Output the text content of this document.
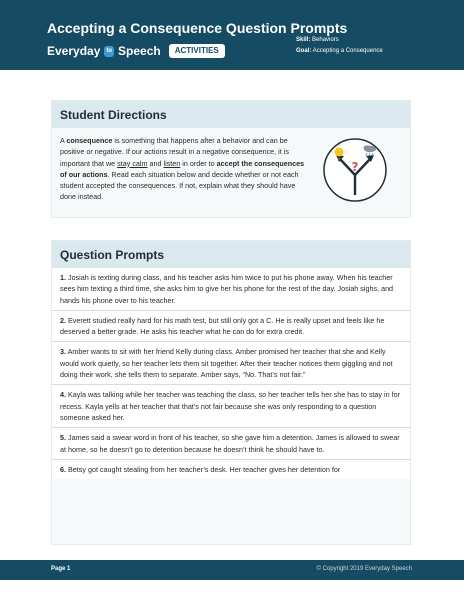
Accepting a Consequence Question Prompts
Everyday	to Speech	ACTIVITIES
Skill: Behaviors
Goal: Accepting a Consequence
Student Directions
A consequence is something that happens after a behavior and can be positive or negative. If our actions result in a negative consequence, it is important that we stay calm and listen in order to accept the consequences of our actions. Read each situation below and decide whether or not each student accepted the consequences. If not, explain what they should have done instead.
?
Question Prompts
1. Josiah is texting during class, and his teacher asks him twice to put his phone away. When his teacher sees him texting a third time, she asks him to give her his phone for the rest of the day. Josiah sighs, and hands his phone over to his teacher.
2. Everett studied really hard for his math test, but still only got a C. He is really upset and feels like he deserved a better grade. He asks his teacher what he can do for extra credit.
3. Amber wants to sit with her friend Kelly during class. Amber promised her teacher that she and Kelly would work quietly, so her teacher lets them sit together. After their teacher notices them giggling and not doing their work, she tells them to separate. Amber says, “No. That’s not fair.”
4. Kayla was talking while her teacher was teaching the class, so her teacher tells her she has to stay in for recess. Kayla yells at her teacher that that’s not fair because she was only responding to a question someone asked her.
5. James said a swear word in front of his teacher, so she gave him a detention. James is allowed to swear at home, so he doesn’t go to detention because he doesn’t think he should have to.
6. Betsy got caught stealing from her teacher’s desk. Her teacher gives her detention for
Page 1	© Copyright 2019 Everyday Speech
